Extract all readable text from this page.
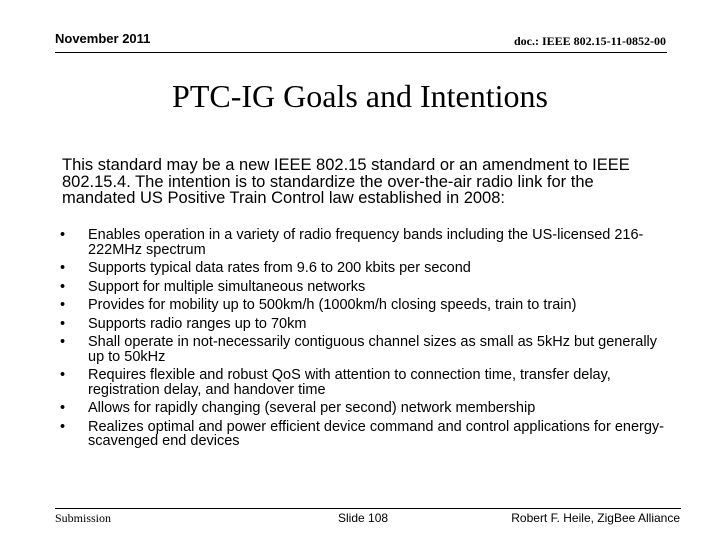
November 2011	doc.: IEEE 802.15-11-0852-00
PTC-IG Goals and Intentions

This standard may be a new IEEE 802.15 standard or an amendment to IEEE 802.15.4. The intention is to standardize the over-the-air radio link for the mandated US Positive Train Control law established in 2008:

• Enables operation in a variety of radio frequency bands including the US-licensed 216-222MHz spectrum
• Supports typical data rates from 9.6 to 200 kbits per second
• Support for multiple simultaneous networks
• Provides for mobility up to 500km/h (1000km/h closing speeds, train to train)
• Supports radio ranges up to 70km
• Shall operate in not-necessarily contiguous channel sizes as small as 5kHz but generally up to 50kHz
• Requires flexible and robust QoS with attention to connection time, transfer delay, registration delay, and handover time
• Allows for rapidly changing (several per second) network membership
• Realizes optimal and power efficient device command and control applications for energy-scavenged end devices
Submission	Slide 108	Robert F. Heile, ZigBee Alliance
